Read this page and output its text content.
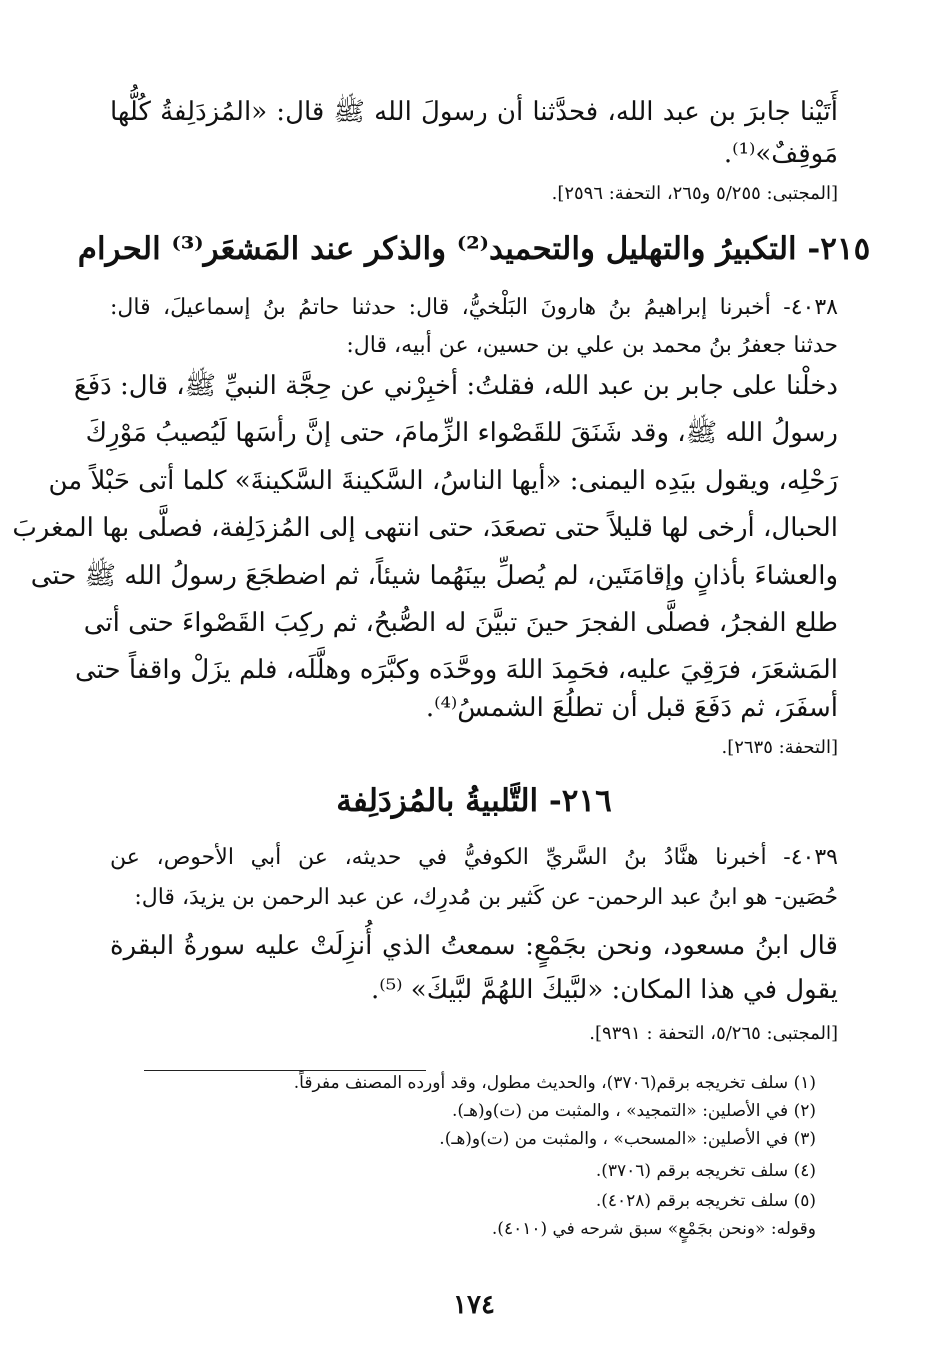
أَتَيْنا جابرَ بن عبد الله، فحدَّثنا أن رسولَ الله ﷺ قال: «المُزدَلِفةُ كُلُّها
مَوقِفٌ»⁽¹⁾.
[المجتبى: ٥/٢٥٥ و٢٦٥، التحفة: ٢٥٩٦].
٢١٥- التكبيرُ والتهليل والتحميد⁽²⁾ والذكر عند المَشعَر⁽³⁾ الحرام
٤٠٣٨- أخبرنا إبراهيمُ بنُ هارونَ البَلْخيُّ، قال: حدثنا حاتمُ بنُ إسماعيلَ، قال:
حدثنا جعفرُ بنُ محمد بن علي بن حسين، عن أبيه، قال:
دخلْنا على جابر بن عبد الله، فقلتُ: أخبِرْني عن حِجَّة النبيِّ ﷺ، قال: دَفَعَ
رسولُ الله ﷺ، وقد شَنَقَ للقَصْواء الزِّمامَ، حتى إنَّ رأسَها لَيُصيبُ مَوْرِكَ
رَحْلِه، ويقول بيَدِه اليمنى: «أيها الناسُ، السَّكينةَ السَّكينةَ» كلما أتى حَبْلاً من
الحبال، أرخى لها قليلاً حتى تصعَدَ، حتى انتهى إلى المُزدَلِفة، فصلَّى بها المغربَ
والعشاءَ بأذانٍ وإقامَتَين، لم يُصلِّ بينَهُما شيئاً، ثم اضطجَعَ رسولُ الله ﷺ حتى
طلع الفجرُ، فصلَّى الفجرَ حينَ تبيَّنَ له الصُّبحُ، ثم ركِبَ القَصْواءَ حتى أتى
المَشعَرَ، فرَقِيَ عليه، فحَمِدَ اللهَ ووحَّدَه وكبَّرَه وهلَّلَه، فلم يزَلْ واقفاً حتى
أسفَرَ، ثم دَفَعَ قبل أن تطلُعَ الشمسُ⁽⁴⁾.
[التحفة: ٢٦٣٥].
٢١٦- التَّلبيةُ بالمُزدَلِفة
٤٠٣٩- أخبرنا هنَّادُ بنُ السَّريِّ الكوفيُّ في حديثه، عن أبي الأحوص، عن
حُصَين- هو ابنُ عبد الرحمن- عن كَثير بن مُدرِك، عن عبد الرحمن بن يزيدَ، قال:
قال ابنُ مسعود، ونحن بجَمْعٍ: سمعتُ الذي أُنزِلَتْ عليه سورةُ البقرة
يقول في هذا المكان: «لبَّيكَ اللهُمَّ لبَّيكَ» ⁽⁵⁾.
[المجتبى: ٥/٢٦٥، التحفة : ٩٣٩١].
(١) سلف تخريجه برقم(٣٧٠٦)، والحديث مطول، وقد أورده المصنف مفرقاً.
(٢) في الأصلين: «التمجيد» ، والمثبت من (ت)و(هـ).
(٣) في الأصلين: «المسحب» ، والمثبت من (ت)و(هـ).
(٤) سلف تخريجه برقم (٣٧٠٦).
(٥) سلف تخريجه برقم (٤٠٢٨).
وقوله: «ونحن بجَمْعٍ» سبق شرحه في (٤٠١٠).
١٧٤
